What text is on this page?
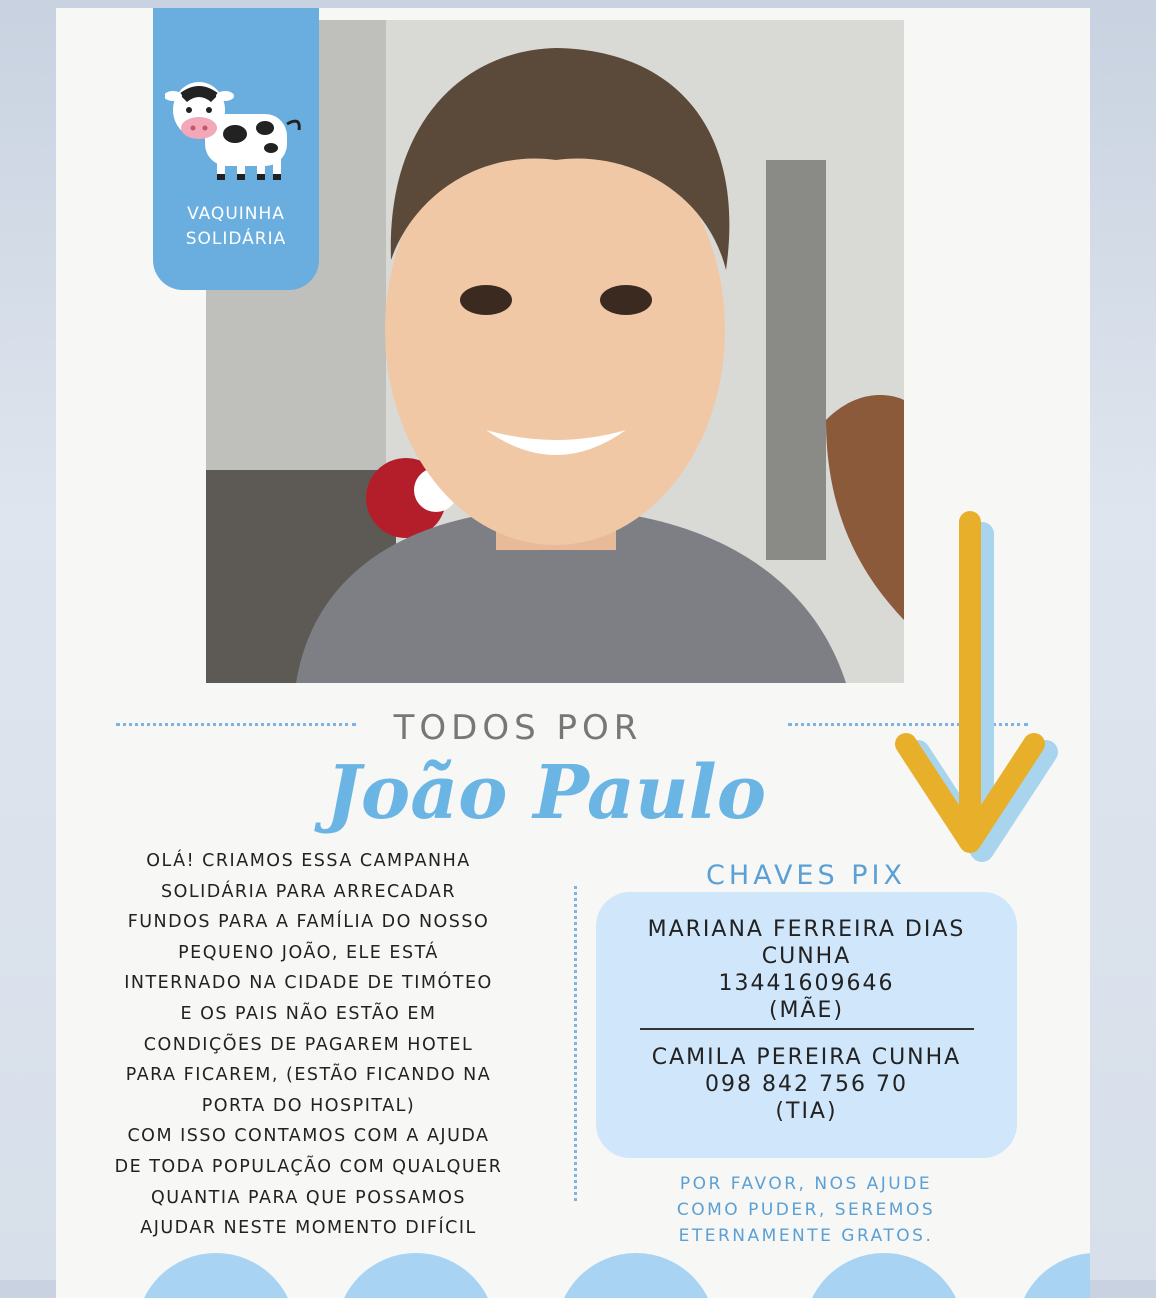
VAQUINHA
SOLIDÁRIA
TODOS POR
João Paulo
OLÁ! CRIAMOS ESSA CAMPANHA
SOLIDÁRIA PARA ARRECADAR
FUNDOS PARA A FAMÍLIA DO NOSSO
PEQUENO JOÃO, ELE ESTÁ
INTERNADO NA CIDADE DE TIMÓTEO
E OS PAIS NÃO ESTÃO EM
CONDIÇÕES DE PAGAREM HOTEL
PARA FICAREM, (ESTÃO FICANDO NA
PORTA DO HOSPITAL)
COM ISSO CONTAMOS COM A AJUDA
DE TODA POPULAÇÃO COM QUALQUER
QUANTIA PARA QUE POSSAMOS
AJUDAR NESTE MOMENTO DIFÍCIL
CHAVES PIX
MARIANA FERREIRA DIAS
CUNHA
13441609646
(MÃE)
CAMILA PEREIRA CUNHA
098 842 756 70
(TIA)
POR FAVOR, NOS AJUDE
COMO PUDER, SEREMOS
ETERNAMENTE GRATOS.
